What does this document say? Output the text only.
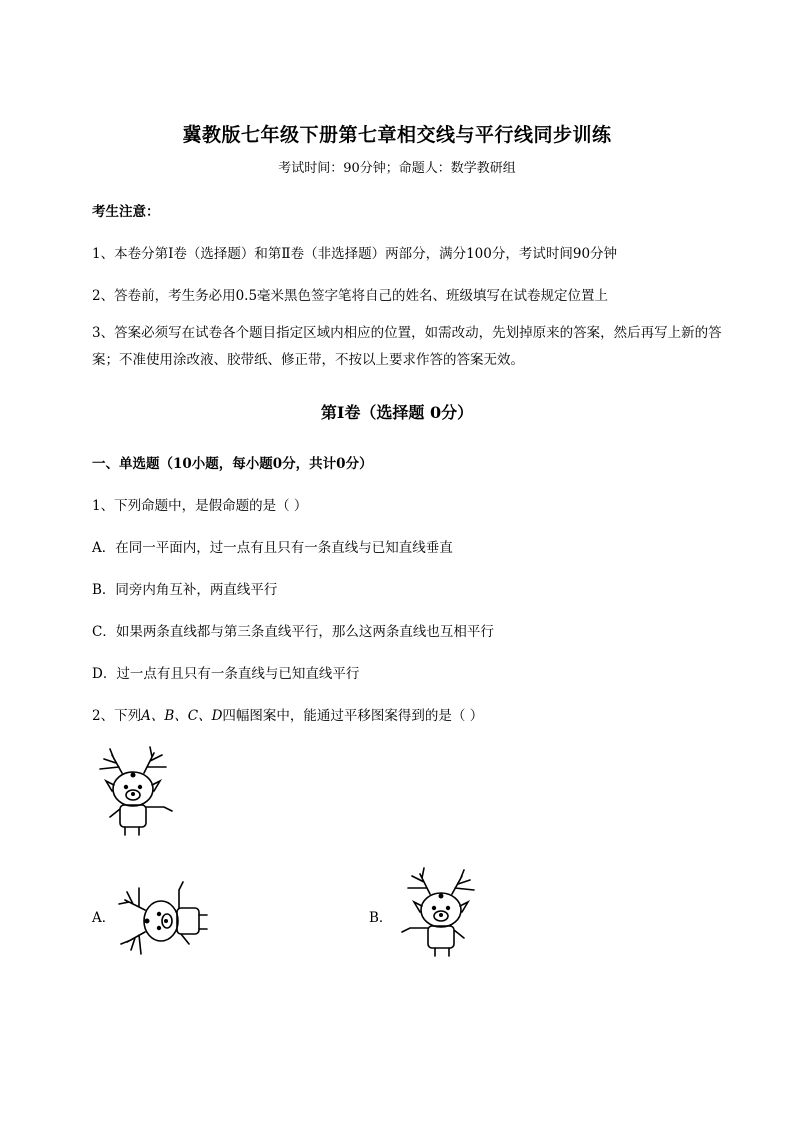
冀教版七年级下册第七章相交线与平行线同步训练
考试时间：90分钟；命题人：数学教研组
考生注意：
1、本卷分第I卷（选择题）和第Ⅱ卷（非选择题）两部分，满分100分，考试时间90分钟
2、答卷前，考生务必用0.5毫米黑色签字笔将自己的姓名、班级填写在试卷规定位置上
3、答案必须写在试卷各个题目指定区域内相应的位置，如需改动，先划掉原来的答案，然后再写上新的答案；不准使用涂改液、胶带纸、修正带，不按以上要求作答的答案无效。
第I卷（选择题 0分）
一、单选题（10小题，每小题0分，共计0分）
1、下列命题中，是假命题的是（ ）
A．在同一平面内，过一点有且只有一条直线与已知直线垂直
B．同旁内角互补，两直线平行
C．如果两条直线都与第三条直线平行，那么这两条直线也互相平行
D．过一点有且只有一条直线与已知直线平行
2、下列A、B、C、D四幅图案中，能通过平移图案得到的是（ ）
A．	B．
